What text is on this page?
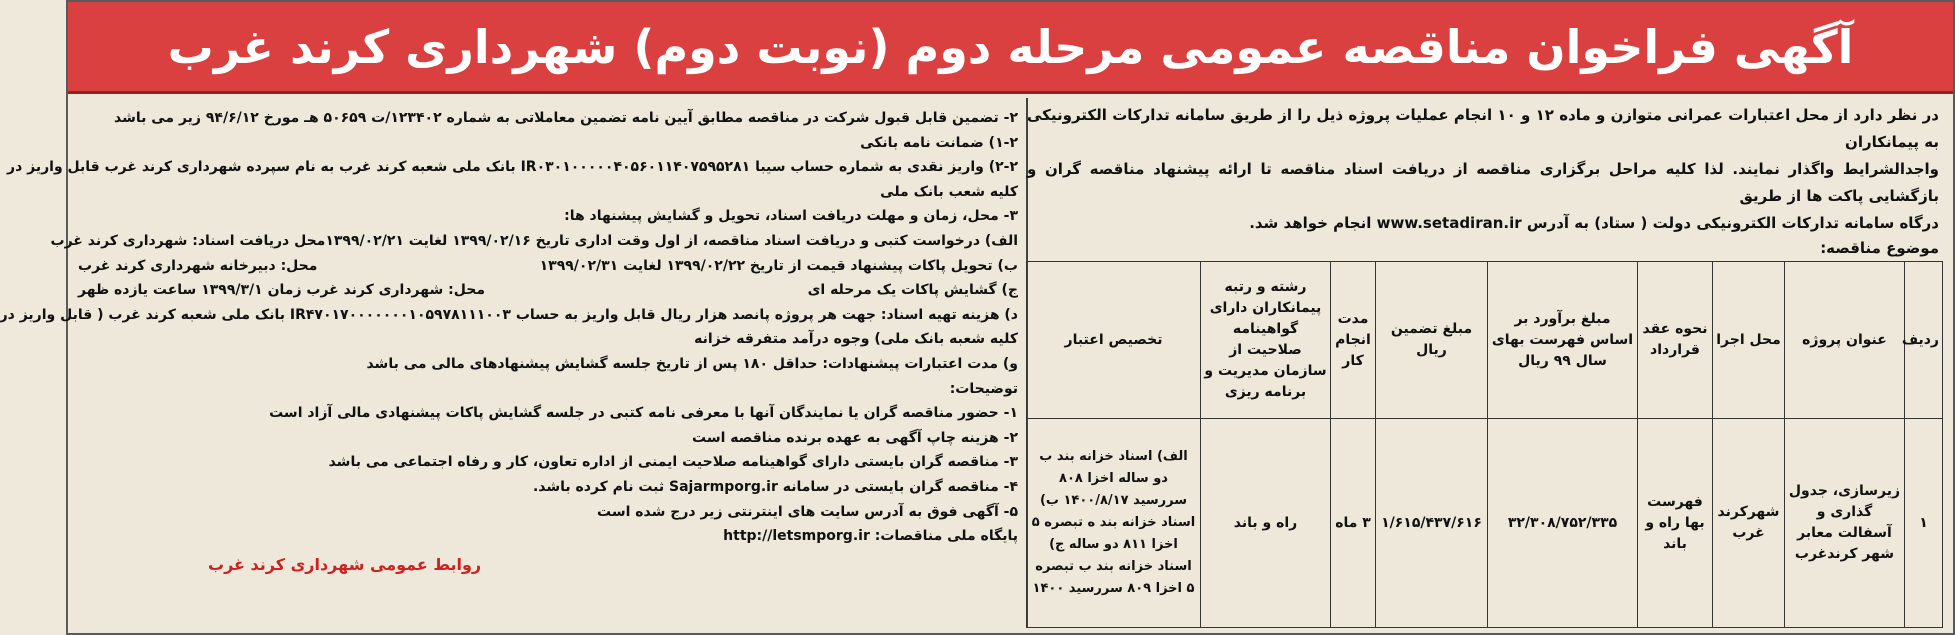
آگهی فراخوان مناقصه عمومی مرحله دوم (نوبت دوم) شهرداری کرند غرب
در نظر دارد از محل اعتبارات عمرانی متوازن و ماده ۱۲ و ۱۰ انجام عملیات پروژه ذیل را از طریق سامانه تدارکات الکترونیکی به پیمانکاران
واجدالشرایط واگذار نمایند. لذا کلیه مراحل برگزاری مناقصه از دریافت اسناد مناقصه تا ارائه پیشنهاد مناقصه گران و بازگشایی پاکت ها از طریق
درگاه سامانه تدارکات الکترونیکی دولت ( ستاد) به آدرس www.setadiran.ir انجام خواهد شد.
موضوع مناقصه:
ردیف	عنوان پروژه	محل اجرا	نحوه عقد قرارداد	مبلغ برآورد بر اساس فهرست بهای سال ۹۹ ریال	مبلغ تضمین ریال	مدت انجام کار	رشته و رتبه پیمانکاران دارای گواهینامه صلاحیت از سازمان مدیریت و برنامه ریزی	تخصیص اعتبار
۱	زیرسازی، جدول گذاری و آسفالت معابر شهر کرندغرب	شهرکرند غرب	فهرست بها راه و باند	۳۲/۳۰۸/۷۵۲/۳۳۵	۱/۶۱۵/۴۳۷/۶۱۶	۳ ماه	راه و باند	الف) اسناد خزانه بند ب دو ساله اخزا ۸۰۸ سررسید ۱۴۰۰/۸/۱۷ ب) اسناد خزانه بند ه تبصره ۵ اخزا ۸۱۱ دو ساله ج) اسناد خزانه بند ب تبصره ۵ اخزا ۸۰۹ سررسید ۱۴۰۰

۲- تضمین قابل قبول شرکت در مناقصه مطابق آیین نامه تضمین معاملاتی به شماره ۱۲۳۴۰۲/ت ۵۰۶۵۹ هـ مورخ ۹۴/۶/۱۲ زیر می باشد

۱-۲) ضمانت نامه بانکی

۲-۲) واریز نقدی به شماره حساب سیبا IR۰۳۰۱۰۰۰۰۰۴۰۵۶۰۱۱۴۰۷۵۹۵۲۸۱ بانک ملی شعبه کرند غرب به نام سپرده شهرداری کرند غرب قابل واریز در

کلیه شعب بانک ملی

۳- محل، زمان و مهلت دریافت اسناد، تحویل و گشایش پیشنهاد ها:

الف) درخواست کتبی و دریافت اسناد مناقصه، از اول وقت اداری تاریخ ۱۳۹۹/۰۲/۱۶ لغایت ۱۳۹۹/۰۲/۲۱
محل دریافت اسناد: شهرداری کرند غرب
ب) تحویل پاکات پیشنهاد قیمت از تاریخ ۱۳۹۹/۰۲/۲۲ لغایت ۱۳۹۹/۰۲/۳۱
محل: دبیرخانه شهرداری کرند غرب
ج) گشایش پاکات یک مرحله ای
محل: شهرداری کرند غرب زمان ۱۳۹۹/۳/۱ ساعت یازده ظهر

د) هزینه تهیه اسناد: جهت هر پروژه پانصد هزار ریال قابل واریز به حساب IR۴۷۰۱۷۰۰۰۰۰۰۰۱۰۵۹۷۸۱۱۱۰۰۳ بانک ملی شعبه کرند غرب ( قابل واریز در

کلیه شعبه بانک ملی) وجوه درآمد متفرقه خزانه

و) مدت اعتبارات پیشنهادات: حداقل ۱۸۰ پس از تاریخ جلسه گشایش پیشنهادهای مالی می باشد

توضیحات:

۱- حضور مناقصه گران یا نمایندگان آنها با معرفی نامه کتبی در جلسه گشایش پاکات پیشنهادی مالی آزاد است

۲- هزینه چاپ آگهی به عهده برنده مناقصه است

۳- مناقصه گران بایستی دارای گواهینامه صلاحیت ایمنی از اداره تعاون، کار و رفاه اجتماعی می باشد

۴- مناقصه گران بایستی در سامانه Sajarmporg.ir ثبت نام کرده باشد.

۵- آگهی فوق به آدرس سایت های اینترنتی زیر درج شده است

پایگاه ملی مناقصات: http://letsmporg.ir

روابط عمومی شهرداری کرند غرب
